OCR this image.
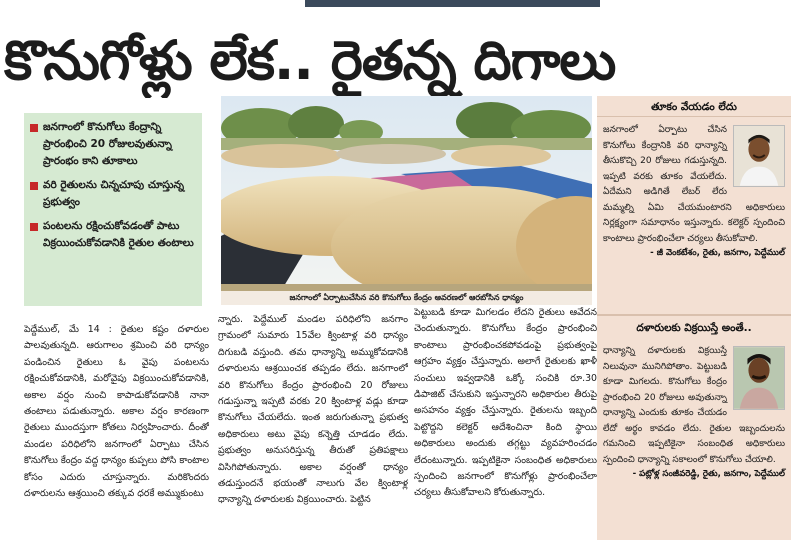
కొనుగోళ్లు లేక.. రైతన్న దిగాలు
జనగాంలో కొనుగోలు కేంద్రాన్ని ప్రారంభించి 20 రోజులవుతున్నా ప్రారంభం కాని తూకాలు
వరి రైతులను చిన్నచూపు చూస్తున్న ప్రభుత్వం
పంటలను రక్షించుకోవడంతో పాటు విక్రయించుకోవడానికి రైతుల తంటాలు
జనగాంలో ఏర్పాటుచేసిన వరి కొనుగోలు కేంద్రం ఆవరణలో ఆరబోసిన ధాన్యం
పెద్దేముల్, మే 14 : రైతుల కష్టం దళారుల పాలవుతున్నది. ఆరుగాలం శ్రమించి వరి ధాన్యం పండించిన రైతులు ఓ వైపు పంటలను రక్షించుకోవడానికి, మరోవైపు విక్రయించుకోవడానికి, అకాల వర్షం నుంచి కాపాడుకోవడానికి నానా తంటాలు పడుతున్నారు. అకాల వర్షం కారణంగా రైతులు ముందస్తుగా కోతలు నిర్వహించారు. దీంతో మండల పరిధిలోని జనగాంలో ఏర్పాటు చేసిన కొనుగోలు కేంద్రం వద్ద ధాన్యం కుప్పలు పోసి కాంటాల కోసం ఎదురు చూస్తున్నారు. మరికొందరు దళారులను ఆశ్రయించి తక్కువ ధరకే అమ్ముకుంటు
న్నారు. పెద్దేముల్ మండల పరిధిలోని జనగాం గ్రామంలో సుమారు 15వేల క్వింటాళ్ల వరి ధాన్యం దిగుబడి వస్తుంది. తమ ధాన్యాన్ని అమ్ముకోవడానికి దళారులను ఆశ్రయించక తప్పడం లేదు. జనగాంలో వరి కొనుగోలు కేంద్రం ప్రారంభించి 20 రోజులు గడుస్తున్నా ఇప్పటి వరకు 20 క్వింటాళ్ల వడ్లు కూడా కొనుగోలు చేయలేదు. ఇంత జరుగుతున్నా ప్రభుత్వ అధికారులు అటు వైపు కన్నెత్తి చూడడం లేదు. ప్రభుత్వం అనుసరిస్తున్న తీరుతో ప్రతిపక్షాలు విసిగిపోతున్నారు. అకాల వర్షంతో ధాన్యం తడుస్తుందనే భయంతో నాలుగు వేల క్వింటాళ్ల ధాన్యాన్ని దళారులకు విక్రయించారు. పెట్టిన
పెట్టుబడి కూడా మిగలడం లేదని రైతులు ఆవేదన చెందుతున్నారు. కొనుగోలు కేంద్రం ప్రారంభించి కాంటాలు ప్రారంభించకపోవడంపై ప్రభుత్వంపై ఆగ్రహం వ్యక్తం చేస్తున్నారు. అలాగే రైతులకు ఖాళీ సంచులు ఇవ్వడానికి ఒక్కో సంచికి రూ.30 డిపాజిట్ చేసుకుని ఇస్తున్నారని అధికారుల తీరుపై అసహనం వ్యక్తం చేస్తున్నారు. రైతులను ఇబ్బంది పెట్టొద్దని కలెక్టర్ ఆదేశించినా కింది స్థాయి అధికారులు అందుకు తగ్గట్టు వ్యవహరించడం లేదంటున్నారు. ఇప్పటికైనా సంబంధిత అధికారులు స్పందించి జనగాంలో కొనుగోళ్లు ప్రారంభించేలా చర్యలు తీసుకోవాలని కోరుతున్నారు.
తూకం వేయడం లేదు

జనగాంలో ఏర్పాటు చేసిన కొనుగోలు కేంద్రానికి వరి ధాన్యాన్ని తీసుకొచ్చి 20 రోజులు గడుస్తున్నది. ఇప్పటి వరకు తూకం వేయలేదు. ఏదేమని అడిగితే లేబర్ లేరు మమ్మల్ని ఏమి చేయమంటారని అధికారులు నిర్లక్ష్యంగా సమాధానం ఇస్తున్నారు. కలెక్టర్ స్పందించి కాంటాలు ప్రారంభించేలా చర్యలు తీసుకోవాలి.

- జీ వెంకటేశం, రైతు, జనగాం, పెద్దేముల్

దళారులకు విక్రయిస్తే అంతే..

ధాన్యాన్ని దళారులకు విక్రయిస్తే నిలువునా మునిగిపోతాం. పెట్టుబడి కూడా మిగలదు. కొనుగోలు కేంద్రం ప్రారంభించి 20 రోజులు అవుతున్నా ధాన్యాన్ని ఎందుకు తూకం చేయడం లేదో అర్థం కావడం లేదు. రైతుల ఇబ్బందులను గమనించి ఇప్పటికైనా సంబంధిత అధికారులు స్పందించి ధాన్యాన్ని సకాలంలో కొనుగోలు చేయాలి.

- పట్లోళ్ల సంజీవరెడ్డి, రైతు, జనగాం, పెద్దేముల్
